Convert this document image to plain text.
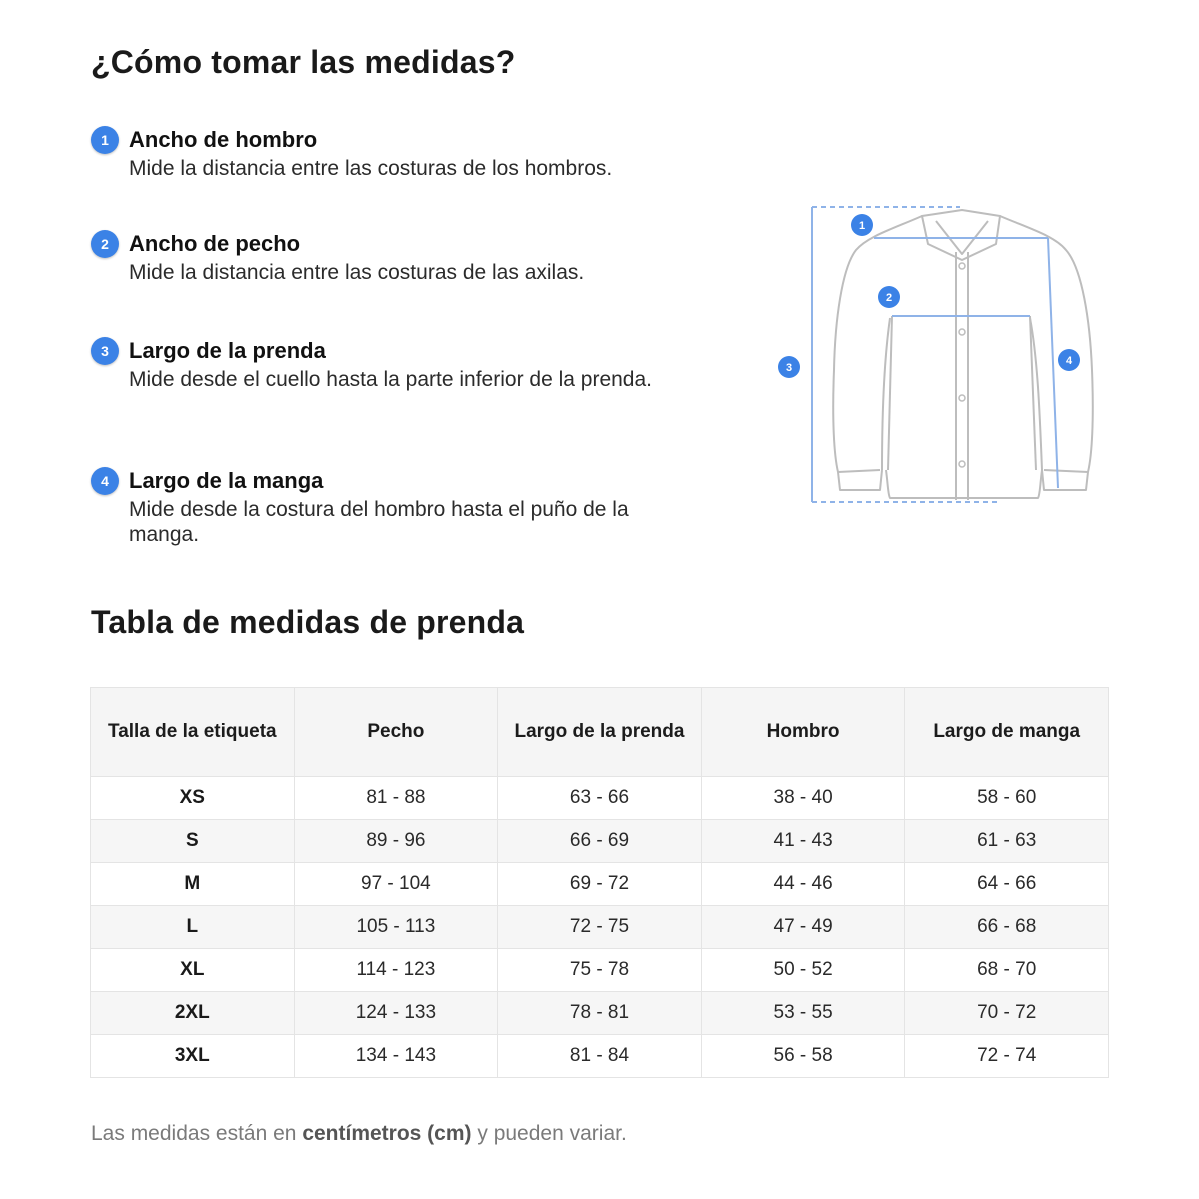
¿Cómo tomar las medidas?
1 Ancho de hombro
Mide la distancia entre las costuras de los hombros.
2 Ancho de pecho
Mide la distancia entre las costuras de las axilas.
3 Largo de la prenda
Mide desde el cuello hasta la parte inferior de la prenda.
4 Largo de la manga
Mide desde la costura del hombro hasta el puño de la manga.
1
2
3
4
Tabla de medidas de prenda
Talla de la etiqueta	Pecho	Largo de la prenda	Hombro	Largo de manga
XS	81 - 88	63 - 66	38 - 40	58 - 60
S	89 - 96	66 - 69	41 - 43	61 - 63
M	97 - 104	69 - 72	44 - 46	64 - 66
L	105 - 113	72 - 75	47 - 49	66 - 68
XL	114 - 123	75 - 78	50 - 52	68 - 70
2XL	124 - 133	78 - 81	53 - 55	70 - 72
3XL	134 - 143	81 - 84	56 - 58	72 - 74
Las medidas están en centímetros (cm) y pueden variar.
